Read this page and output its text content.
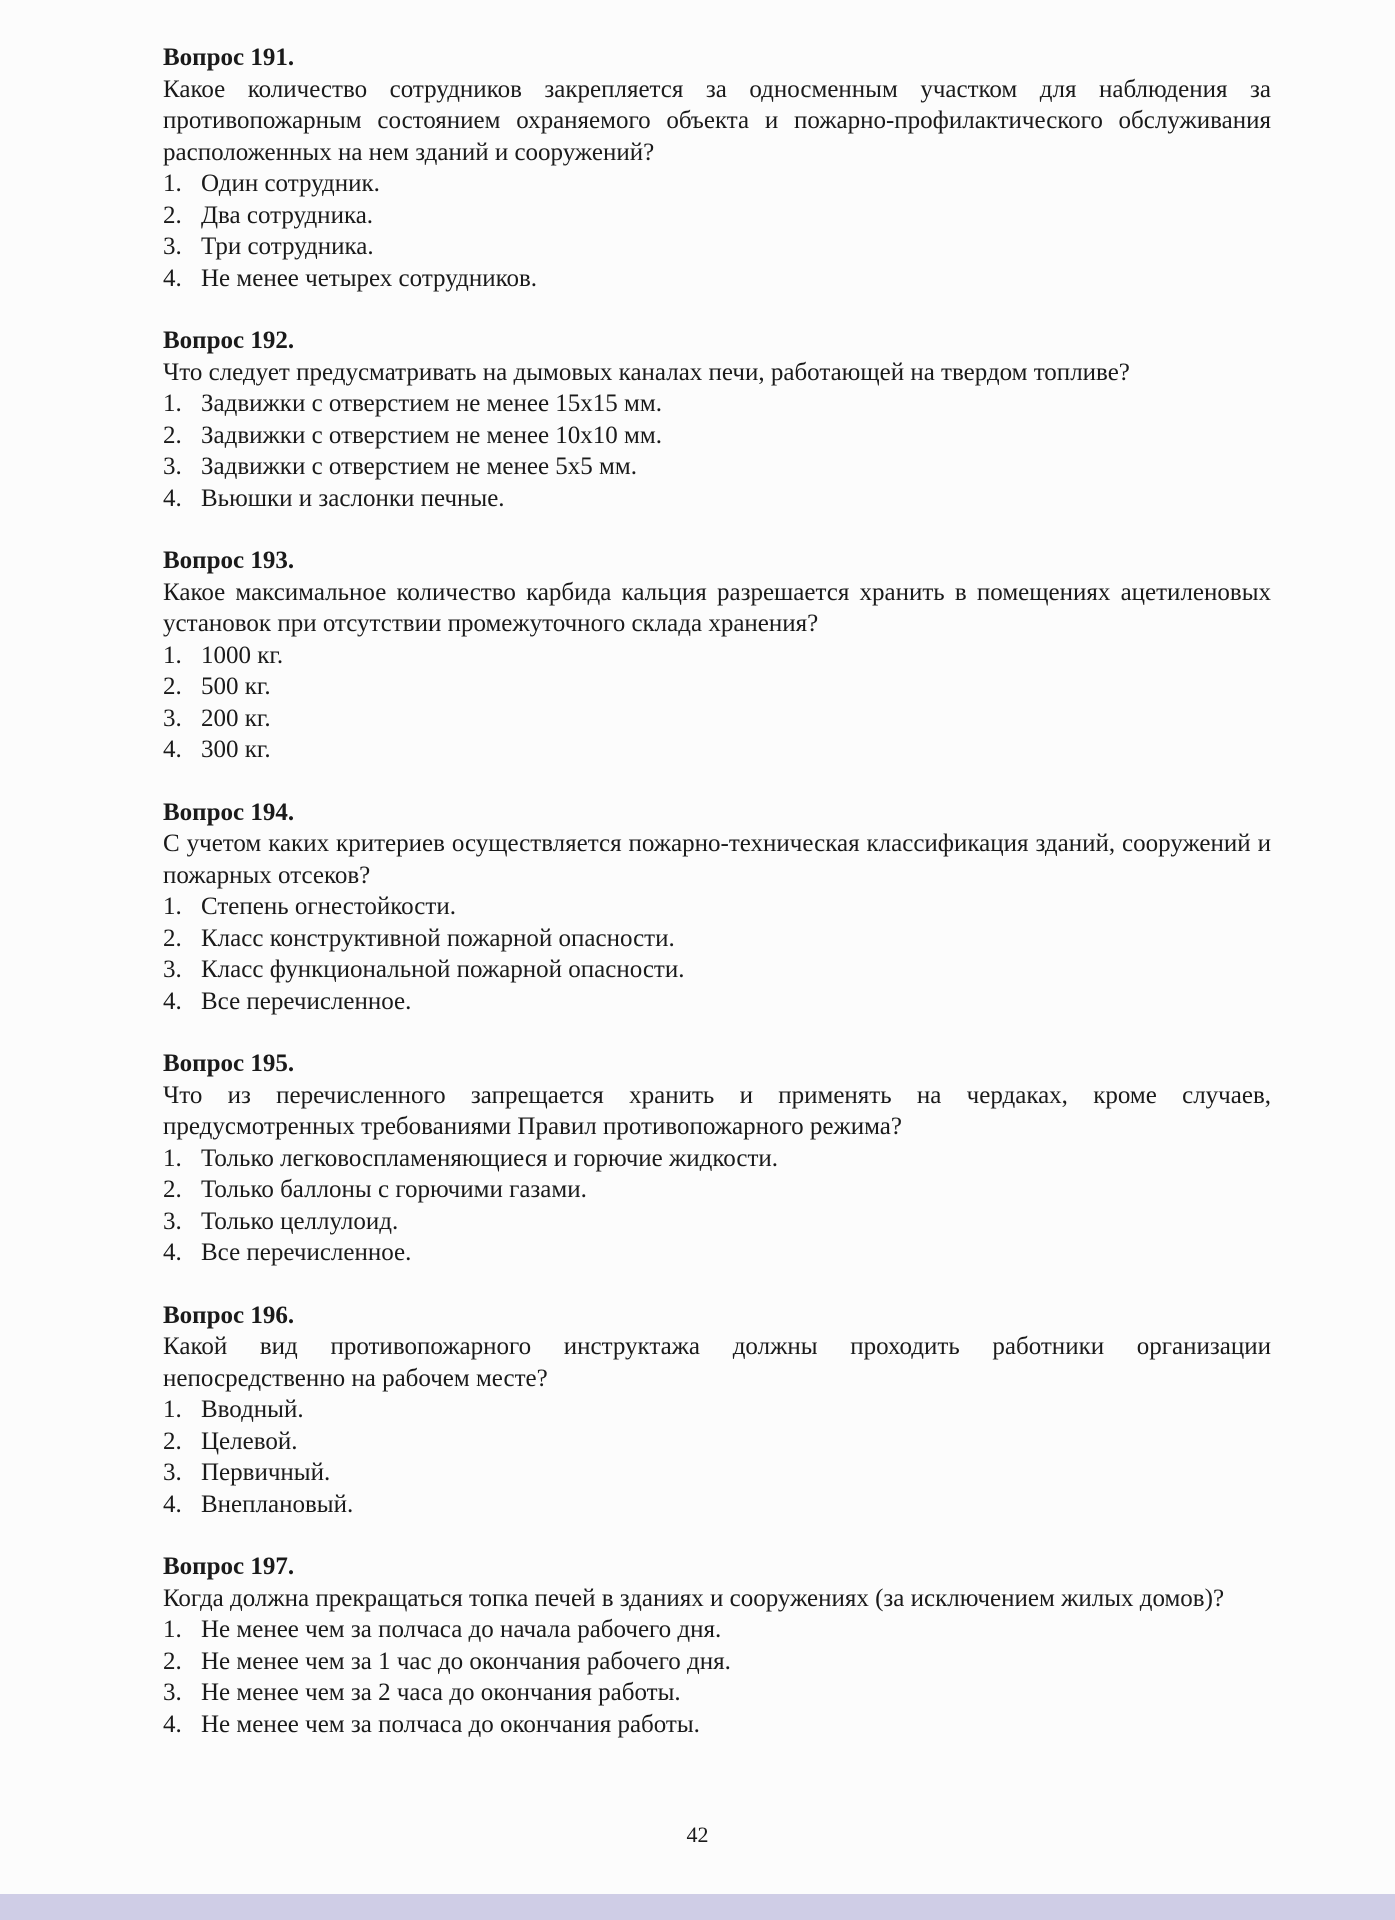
Вопрос 191.
Какое количество сотрудников закрепляется за односменным участком для наблюдения за противопожарным состоянием охраняемого объекта и пожарно-профилактического обслуживания расположенных на нем зданий и сооружений?
1. Один сотрудник.
2. Два сотрудника.
3. Три сотрудника.
4. Не менее четырех сотрудников.
Вопрос 192.
Что следует предусматривать на дымовых каналах печи, работающей на твердом топливе?
1. Задвижки с отверстием не менее 15x15 мм.
2. Задвижки с отверстием не менее 10x10 мм.
3. Задвижки с отверстием не менее 5x5 мм.
4. Вьюшки и заслонки печные.
Вопрос 193.
Какое максимальное количество карбида кальция разрешается хранить в помещениях ацетиленовых установок при отсутствии промежуточного склада хранения?
1. 1000 кг.
2. 500 кг.
3. 200 кг.
4. 300 кг.
Вопрос 194.
С учетом каких критериев осуществляется пожарно-техническая классификация зданий, сооружений и пожарных отсеков?
1. Степень огнестойкости.
2. Класс конструктивной пожарной опасности.
3. Класс функциональной пожарной опасности.
4. Все перечисленное.
Вопрос 195.
Что из перечисленного запрещается хранить и применять на чердаках, кроме случаев, предусмотренных требованиями Правил противопожарного режима?
1. Только легковоспламеняющиеся и горючие жидкости.
2. Только баллоны с горючими газами.
3. Только целлулоид.
4. Все перечисленное.
Вопрос 196.
Какой вид противопожарного инструктажа должны проходить работники организации непосредственно на рабочем месте?
1. Вводный.
2. Целевой.
3. Первичный.
4. Внеплановый.
Вопрос 197.
Когда должна прекращаться топка печей в зданиях и сооружениях (за исключением жилых домов)?
1. Не менее чем за полчаса до начала рабочего дня.
2. Не менее чем за 1 час до окончания рабочего дня.
3. Не менее чем за 2 часа до окончания работы.
4. Не менее чем за полчаса до окончания работы.
42
